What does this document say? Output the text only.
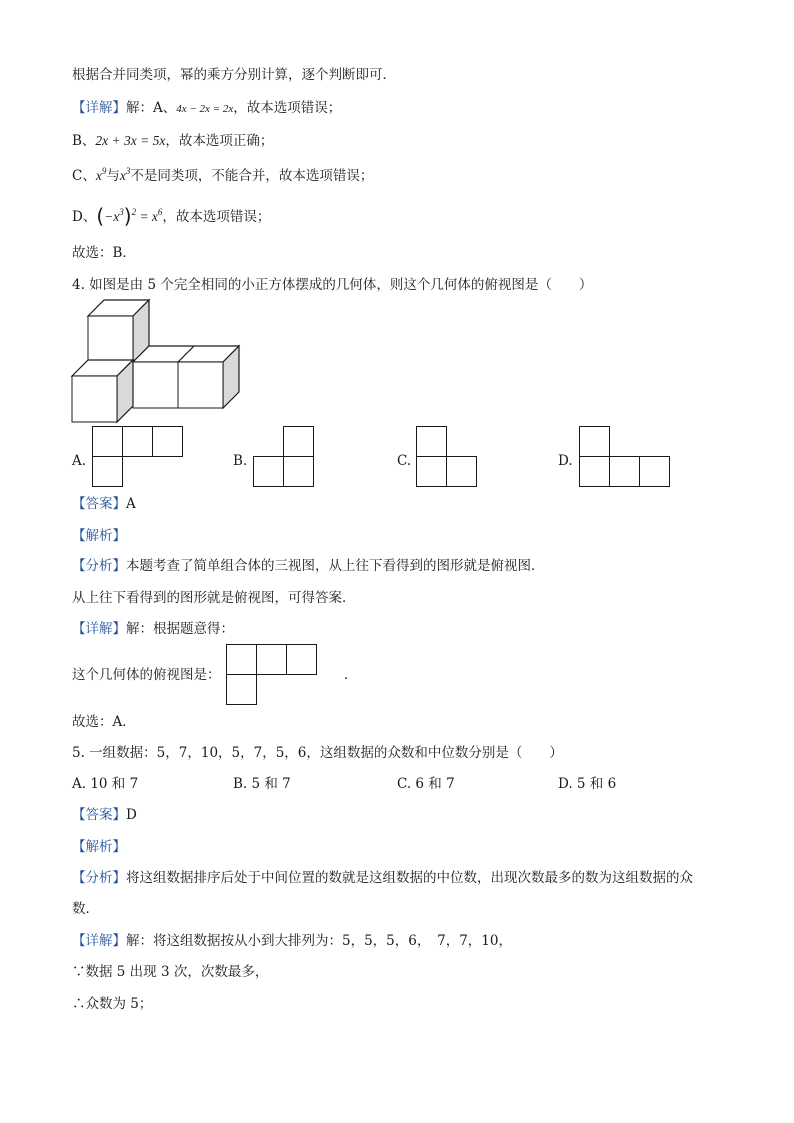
根据合并同类项，幂的乘方分别计算，逐个判断即可．
【详解】解：A、4x − 2x = 2x，故本选项错误；
B、2x + 3x = 5x，故本选项正确；
C、$x^9$与$x^3$不是同类项，不能合并，故本选项错误；
D、$(-x^3)^2 = x^6$，故本选项错误；
故选：B．
4. 如图是由 5 个完全相同的小正方体摆成的几何体，则这个几何体的俯视图是（　　）
A.	B.	C.	D.
【答案】A
【解析】
【分析】本题考查了简单组合体的三视图，从上往下看得到的图形就是俯视图．
从上往下看得到的图形就是俯视图，可得答案．
【详解】解：根据题意得：
这个几何体的俯视图是：	．
故选：A．
5. 一组数据：5，7，10，5，7，5，6，这组数据的众数和中位数分别是（　　）
A. 10 和 7	B. 5 和 7	C. 6 和 7	D. 5 和 6
【答案】D
【解析】
【分析】将这组数据排序后处于中间位置的数就是这组数据的中位数，出现次数最多的数为这组数据的众
数．
【详解】解：将这组数据按从小到大排列为：5，5，5，6，　7，7，10，
∵数据 5 出现 3 次，次数最多，
∴众数为 5；
